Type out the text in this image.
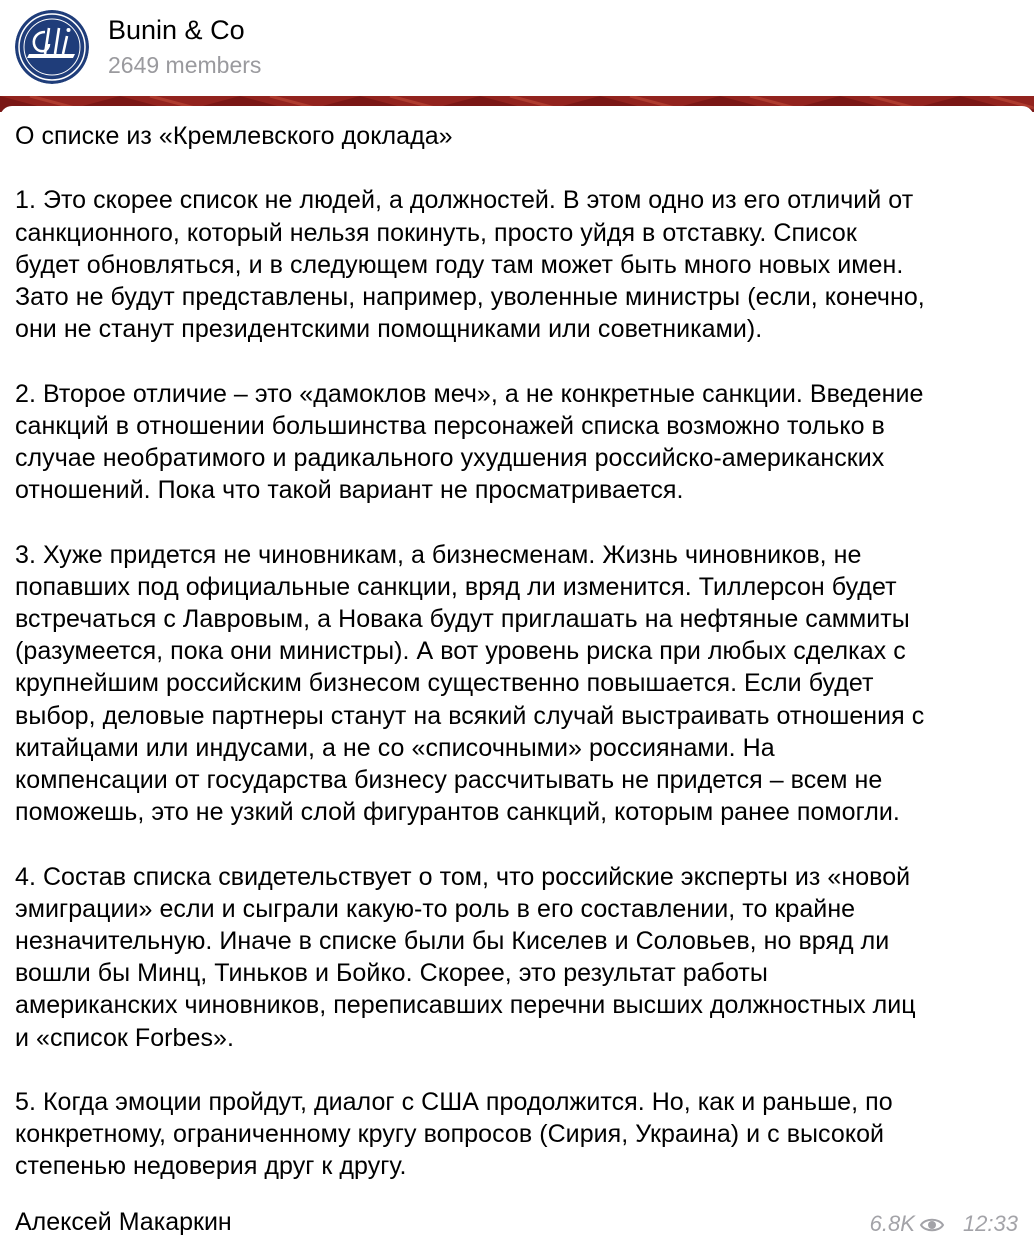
Bunin & Co
2649 members

О списке из «Кремлевского доклада»

1. Это скорее список не людей, а должностей. В этом одно из его отличий от
санкционного, который нельзя покинуть, просто уйдя в отставку. Список
будет обновляться, и в следующем году там может быть много новых имен.
Зато не будут представлены, например, уволенные министры (если, конечно,
они не станут президентскими помощниками или советниками).

2. Второе отличие – это «дамоклов меч», а не конкретные санкции. Введение
санкций в отношении большинства персонажей списка возможно только в
случае необратимого и радикального ухудшения российско-американских
отношений. Пока что такой вариант не просматривается.

3. Хуже придется не чиновникам, а бизнесменам. Жизнь чиновников, не
попавших под официальные санкции, вряд ли изменится. Тиллерсон будет
встречаться с Лавровым, а Новака будут приглашать на нефтяные саммиты
(разумеется, пока они министры). А вот уровень риска при любых сделках с
крупнейшим российским бизнесом существенно повышается. Если будет
выбор, деловые партнеры станут на всякий случай выстраивать отношения с
китайцами или индусами, а не со «списочными» россиянами. На
компенсации от государства бизнесу рассчитывать не придется – всем не
поможешь, это не узкий слой фигурантов санкций, которым ранее помогли.

4. Состав списка свидетельствует о том, что российские эксперты из «новой
эмиграции» если и сыграли какую-то роль в его составлении, то крайне
незначительную. Иначе в списке были бы Киселев и Соловьев, но вряд ли
вошли бы Минц, Тиньков и Бойко. Скорее, это результат работы
американских чиновников, переписавших перечни высших должностных лиц
и «список Forbes».

5. Когда эмоции пройдут, диалог с США продолжится. Но, как и раньше, по
конкретному, ограниченному кругу вопросов (Сирия, Украина) и с высокой
степенью недоверия друг к другу.

Алексей Макаркин	6.8K 12:33
